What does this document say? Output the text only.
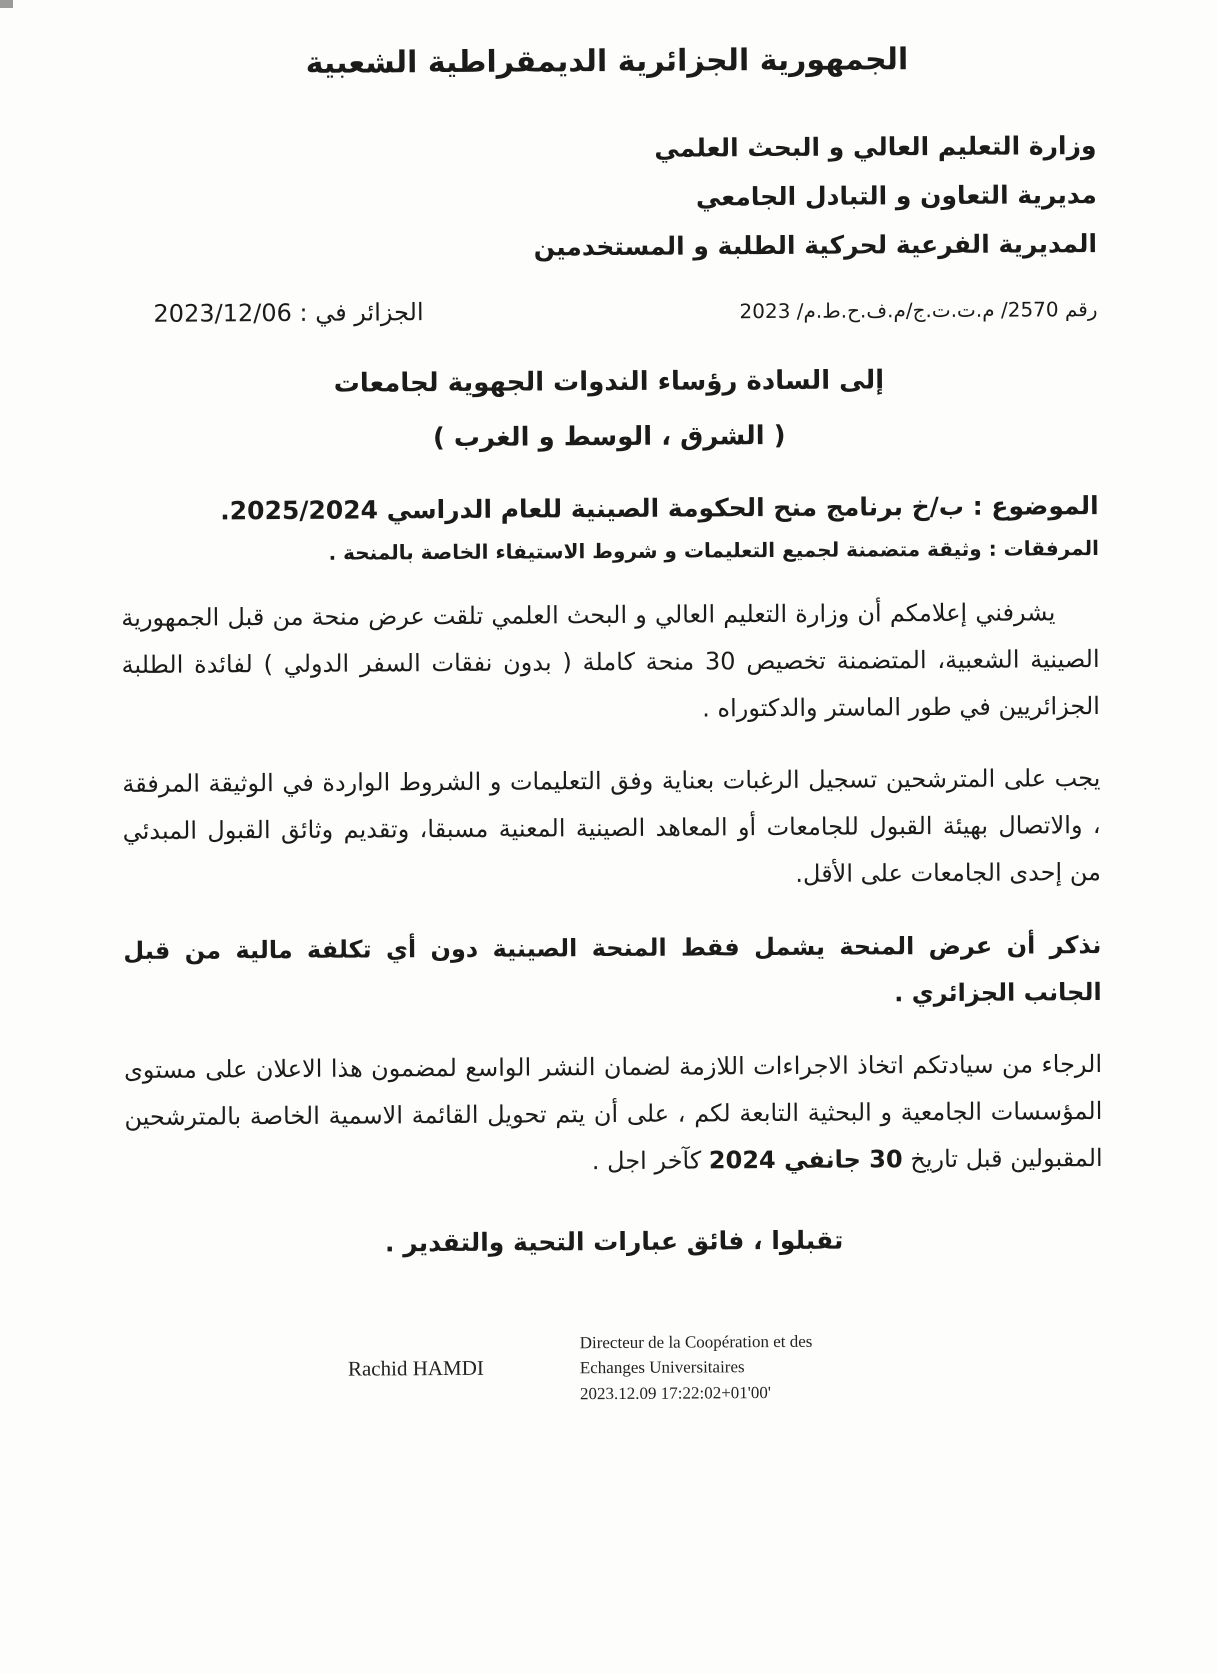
الجمهورية الجزائرية الديمقراطية الشعبية
وزارة التعليم العالي و البحث العلمي
مديرية التعاون و التبادل الجامعي
المديرية الفرعية لحركية الطلبة و المستخدمين
رقم 2570/ م.ت.ت.ج/م.ف.ح.ط.م/ 2023
الجزائر في : 2023/12/06
إلى السادة رؤساء الندوات الجهوية لجامعات
( الشرق ، الوسط و الغرب )
الموضوع : ب/خ برنامج منح الحكومة الصينية للعام الدراسي 2025/2024.
المرفقات : وثيقة متضمنة لجميع التعليمات و شروط الاستيفاء الخاصة بالمنحة .

يشرفني إعلامكم أن وزارة التعليم العالي و البحث العلمي تلقت عرض منحة من قبل الجمهورية الصينية الشعبية، المتضمنة تخصيص 30 منحة كاملة ( بدون نفقات السفر الدولي ) لفائدة الطلبة الجزائريين في طور الماستر والدكتوراه .

يجب على المترشحين تسجيل الرغبات بعناية وفق التعليمات و الشروط الواردة في الوثيقة المرفقة ، والاتصال بهيئة القبول للجامعات أو المعاهد الصينية المعنية مسبقا، وتقديم وثائق القبول المبدئي من إحدى الجامعات على الأقل.

نذكر أن عرض المنحة يشمل فقط المنحة الصينية دون أي تكلفة مالية من قبل الجانب الجزائري .

الرجاء من سيادتكم اتخاذ الاجراءات اللازمة لضمان النشر الواسع لمضمون هذا الاعلان على مستوى المؤسسات الجامعية و البحثية التابعة لكم ، على أن يتم تحويل القائمة الاسمية الخاصة بالمترشحين المقبولين قبل تاريخ 30 جانفي 2024 كآخر اجل .

تقبلوا ، فائق عبارات التحية والتقدير .
Rachid HAMDI
Directeur de la Coopération et des
Echanges Universitaires
2023.12.09 17:22:02+01'00'
